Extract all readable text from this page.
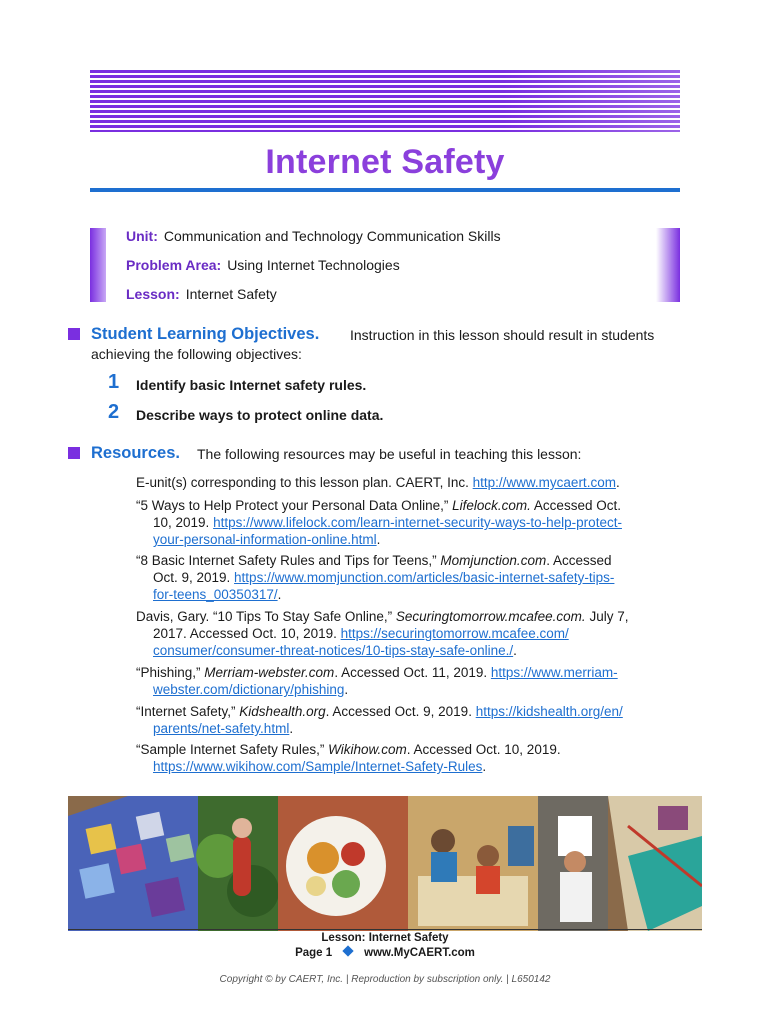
Internet Safety
Unit: Communication and Technology Communication Skills
Problem Area: Using Internet Technologies
Lesson: Internet Safety
Student Learning Objectives. Instruction in this lesson should result in students
achieving the following objectives:
1 Identify basic Internet safety rules.
2 Describe ways to protect online data.
Resources. The following resources may be useful in teaching this lesson:
E-unit(s) corresponding to this lesson plan. CAERT, Inc. http://www.mycaert.com.
“5 Ways to Help Protect your Personal Data Online,” Lifelock.com. Accessed Oct.
10, 2019. https://www.lifelock.com/learn-internet-security-ways-to-help-protect-
your-personal-information-online.html.
“8 Basic Internet Safety Rules and Tips for Teens,” Momjunction.com. Accessed
Oct. 9, 2019. https://www.momjunction.com/articles/basic-internet-safety-tips-
for-teens_00350317/.
Davis, Gary. “10 Tips To Stay Safe Online,” Securingtomorrow.mcafee.com. July 7,
2017. Accessed Oct. 10, 2019. https://securingtomorrow.mcafee.com/
consumer/consumer-threat-notices/10-tips-stay-safe-online./.
“Phishing,” Merriam-webster.com. Accessed Oct. 11, 2019. https://www.merriam-
webster.com/dictionary/phishing.
“Internet Safety,” Kidshealth.org. Accessed Oct. 9, 2019. https://kidshealth.org/en/
parents/net-safety.html.
“Sample Internet Safety Rules,” Wikihow.com. Accessed Oct. 10, 2019.
https://www.wikihow.com/Sample/Internet-Safety-Rules.
Lesson: Internet Safety
Page 1	www.MyCAERT.com
Copyright © by CAERT, Inc. | Reproduction by subscription only. | L650142
